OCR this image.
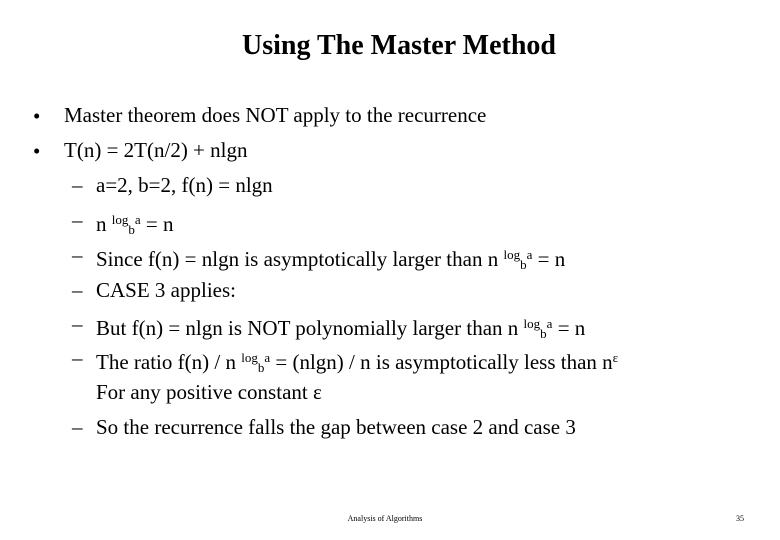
Using The Master Method
• Master theorem does NOT apply to the recurrence
• T(n) = 2T(n/2) + nlgn
– a=2, b=2, f(n) = nlgn
– n $^{log}_b^a$ = n
– Since f(n) = nlgn is asymptotically larger than n $^{log}_b^a$ = n
– CASE 3 applies:
– But f(n) = nlgn is NOT polynomially larger than n $^{log}_b^a$ = n
– The ratio f(n) / n $^{log}_b^a$ = (nlgn) / n is asymptotically less than $n^\varepsilon$
For any positive constant ε
– So the recurrence falls the gap between case 2 and case 3
Analysis of Algorithms	35
